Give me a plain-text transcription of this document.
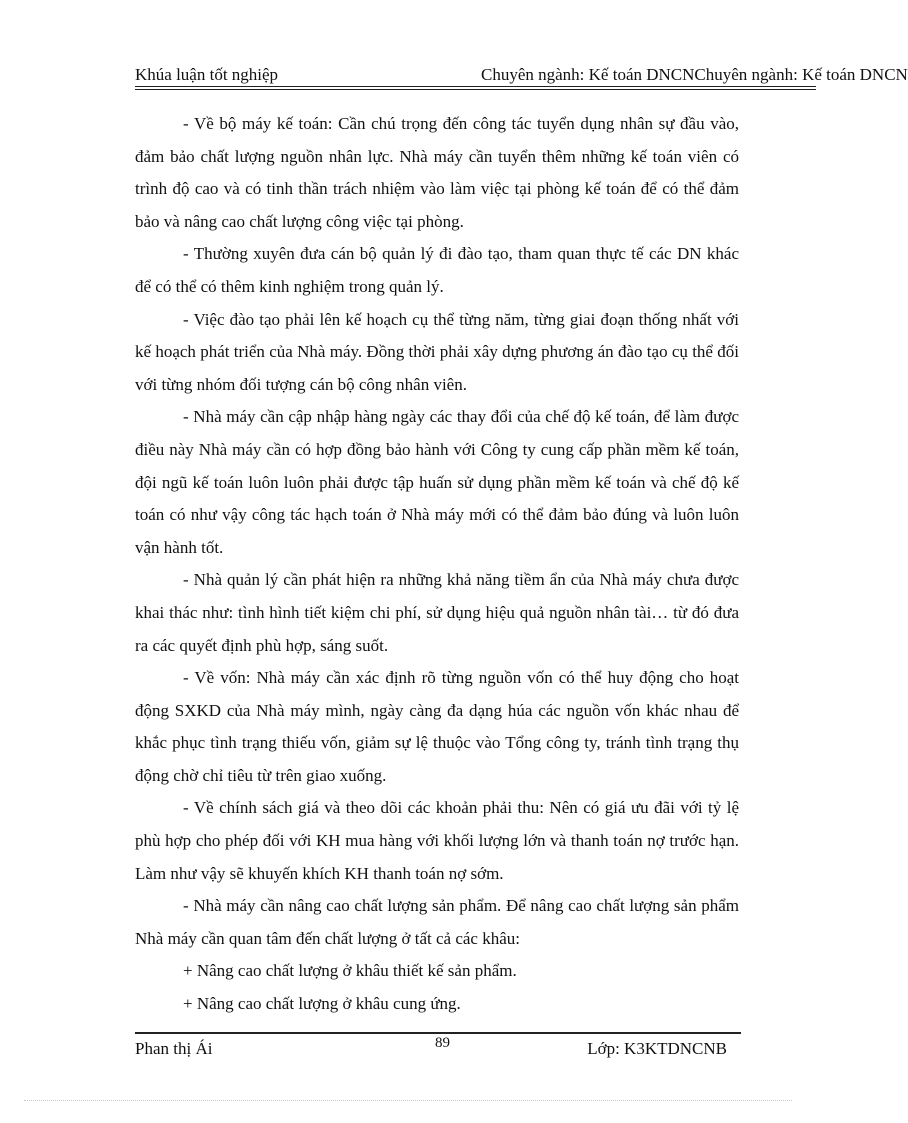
Khúa luận tốt nghiệp	Chuyên ngành: Kế toán DNCNChuyên ngành: Kế toán DNCN

- Về bộ máy kế toán: Cần chú trọng đến công tác tuyển dụng nhân sự đầu vào, đảm bảo chất lượng nguồn nhân lực. Nhà máy cần tuyển thêm những kế toán viên có trình độ cao và có tinh thần trách nhiệm vào làm việc tại phòng kế toán để có thể đảm bảo và nâng cao chất lượng công việc tại phòng.

- Thường xuyên đưa cán bộ quản lý đi đào tạo, tham quan thực tế các DN khác để có thể có thêm kinh nghiệm trong quản lý.

- Việc đào tạo phải lên kế hoạch cụ thể từng năm, từng giai đoạn thống nhất với kế hoạch phát triển của Nhà máy. Đồng thời phải xây dựng phương án đào tạo cụ thể đối với từng nhóm đối tượng cán bộ công nhân viên.

- Nhà máy cần cập nhập hàng ngày các thay đổi của chế độ kế toán, để làm được điều này Nhà máy cần có hợp đồng bảo hành với Công ty cung cấp phần mềm kế toán, đội ngũ kế toán luôn luôn phải được tập huấn sử dụng phần mềm kế toán và chế độ kế toán có như vậy công tác hạch toán ở Nhà máy mới có thể đảm bảo đúng và luôn luôn vận hành tốt.

- Nhà quản lý cần phát hiện ra những khả năng tiềm ẩn của Nhà máy chưa được khai thác như: tình hình tiết kiệm chi phí, sử dụng hiệu quả nguồn nhân tài… từ đó đưa ra các quyết định phù hợp, sáng suốt.

- Về vốn: Nhà máy cần xác định rõ từng nguồn vốn có thể huy động cho hoạt động SXKD của Nhà máy mình, ngày càng đa dạng húa các nguồn vốn khác nhau để khắc phục tình trạng thiếu vốn, giảm sự lệ thuộc vào Tổng công ty, tránh tình trạng thụ động chờ chỉ tiêu từ trên giao xuống.

- Về chính sách giá và theo dõi các khoản phải thu: Nên có giá ưu đãi với tỷ lệ phù hợp cho phép đối với KH mua hàng với khối lượng lớn và thanh toán nợ trước hạn. Làm như vậy sẽ khuyến khích KH thanh toán nợ sớm.

- Nhà máy cần nâng cao chất lượng sản phẩm. Để nâng cao chất lượng sản phẩm Nhà máy cần quan tâm đến chất lượng ở tất cả các khâu:

+ Nâng cao chất lượng ở khâu thiết kế sản phẩm.

+ Nâng cao chất lượng ở khâu cung ứng.

Phan thị Ái	89	Lớp: K3KTDNCNB
